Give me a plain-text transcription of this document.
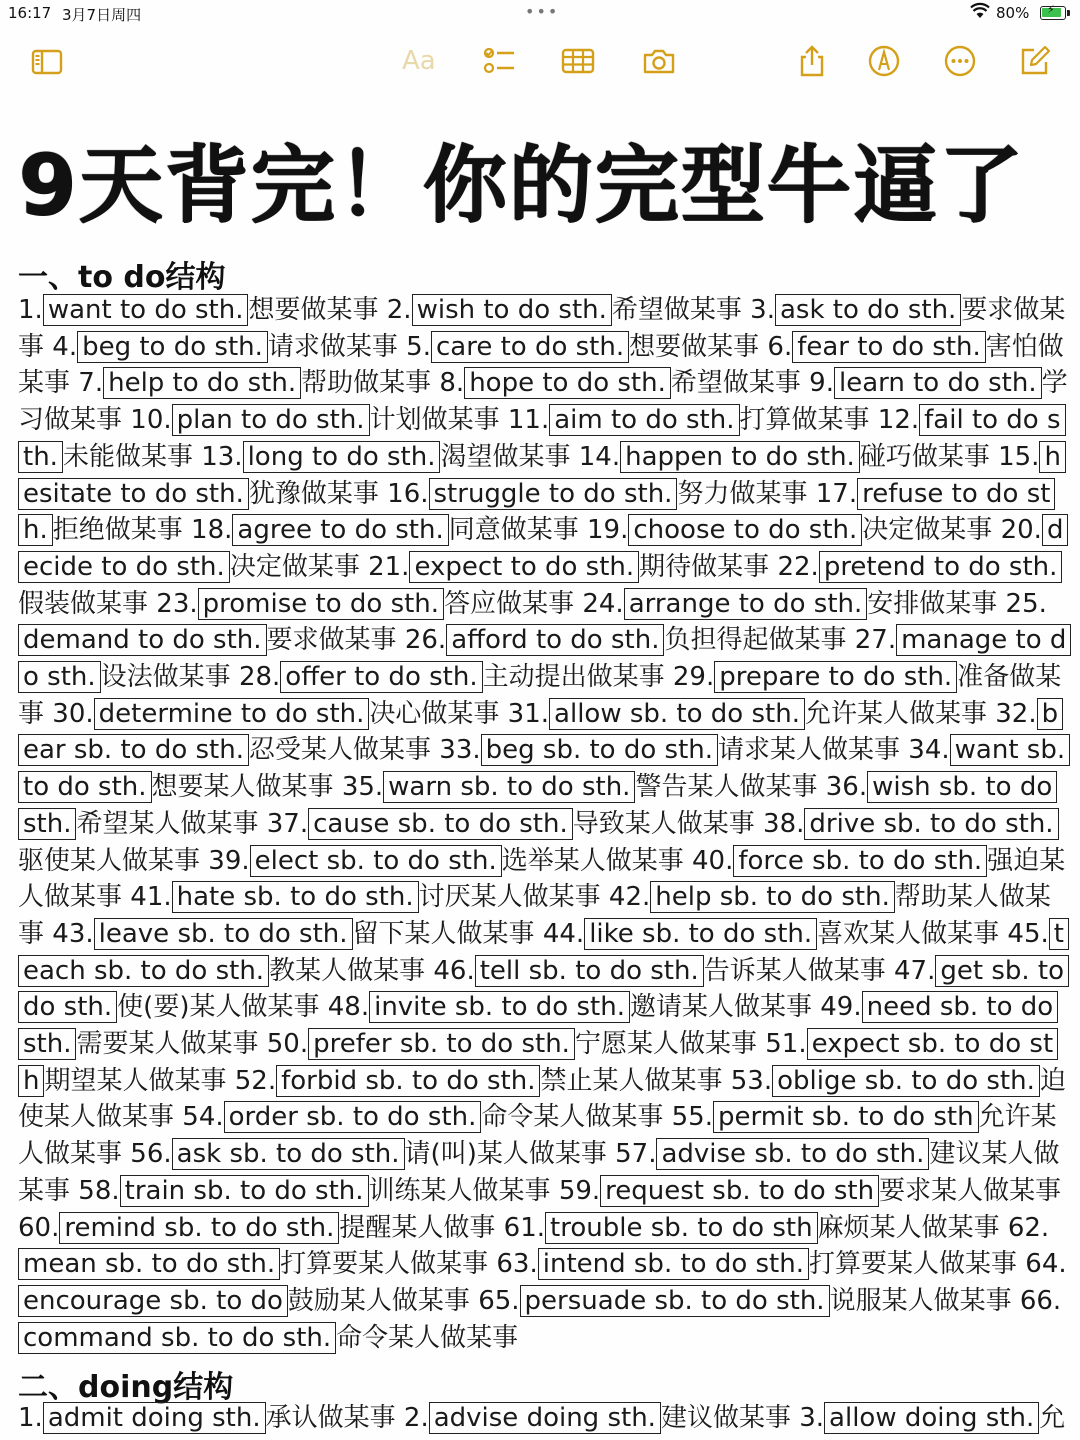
16:17 3月7日周四	•••	80% ⚡
Aa
9天背完！你的完型牛逼了
一、to do结构
1. want to do sth. 想要做某事 2. wish to do sth. 希望做某事 3. ask to do sth. 要求做某事 4. beg to do sth. 请求做某事 5. care to do sth. 想要做某事 6. fear to do sth. 害怕做某事 7. help to do sth. 帮助做某事 8. hope to do sth. 希望做某事 9. learn to do sth. 学习做某事 10. plan to do sth. 计划做某事 11. aim to do sth. 打算做某事 12. fail to do sth. 未能做某事 13. long to do sth. 渴望做某事 14. happen to do sth. 碰巧做某事 15. hesitate to do sth. 犹豫做某事 16. struggle to do sth. 努力做某事 17. refuse to do sth. 拒绝做某事 18. agree to do sth. 同意做某事 19. choose to do sth. 决定做某事 20. decide to do sth. 决定做某事 21. expect to do sth. 期待做某事 22. pretend to do sth.假装做某事 23. promise to do sth. 答应做某事 24. arrange to do sth. 安排做某事 25.demand to do sth. 要求做某事 26. afford to do sth. 负担得起做某事 27. manage to do sth. 设法做某事 28. offer to do sth. 主动提出做某事 29. prepare to do sth. 准备做某事 30. determine to do sth. 决心做某事 31. allow sb. to do sth. 允许某人做某事 32. bear sb. to do sth. 忍受某人做某事 33. beg sb. to do sth. 请求某人做某事 34. want sb. to do sth. 想要某人做某事 35. warn sb. to do sth. 警告某人做某事 36. wish sb. to do sth. 希望某人做某事 37. cause sb. to do sth. 导致某人做某事 38. drive sb. to do sth.驱使某人做某事 39. elect sb. to do sth. 选举某人做某事 40. force sb. to do sth. 强迫某人做某事 41. hate sb. to do sth. 讨厌某人做某事 42. help sb. to do sth. 帮助某人做某事 43. leave sb. to do sth. 留下某人做某事 44. like sb. to do sth. 喜欢某人做某事 45. teach sb. to do sth. 教某人做某事 46. tell sb. to do sth. 告诉某人做某事 47. get sb. to do sth. 使(要)某人做某事 48. invite sb. to do sth. 邀请某人做某事 49. need sb. to do sth. 需要某人做某事 50. prefer sb. to do sth. 宁愿某人做某事 51. expect sb. to do sth 期望某人做某事 52. forbid sb. to do sth. 禁止某人做某事 53. oblige sb. to do sth. 迫使某人做某事 54. order sb. to do sth. 命令某人做某事 55. permit sb. to do sth 允许某人做某事 56. ask sb. to do sth. 请(叫)某人做某事 57. advise sb. to do sth. 建议某人做某事 58. train sb. to do sth. 训练某人做某事 59. request sb. to do sth 要求某人做某事 60. remind sb. to do sth. 提醒某人做事 61. trouble sb. to do sth 麻烦某人做某事 62.mean sb. to do sth. 打算要某人做某事 63. intend sb. to do sth. 打算要某人做某事 64.encourage sb. to do 鼓励某人做某事 65. persuade sb. to do sth. 说服某人做某事 66.command sb. to do sth. 命令某人做某事
二、doing结构
1. admit doing sth. 承认做某事 2. advise doing sth. 建议做某事 3. allow doing sth. 允
